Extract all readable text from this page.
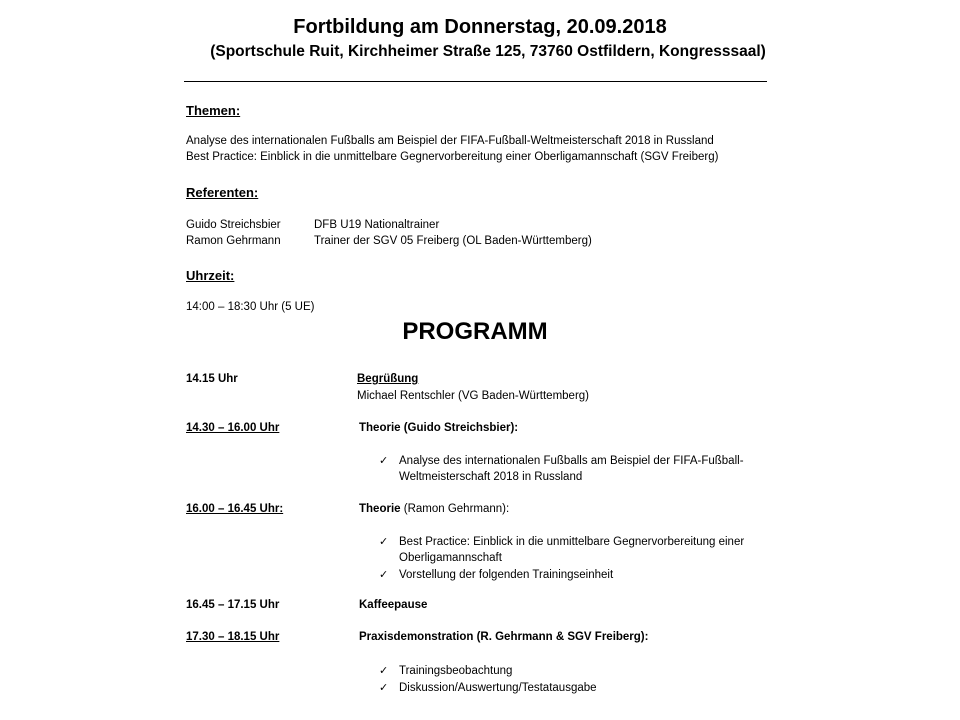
Fortbildung am Donnerstag, 20.09.2018
(Sportschule Ruit, Kirchheimer Straße 125, 73760 Ostfildern, Kongresssaal)
Themen:
Analyse des internationalen Fußballs am Beispiel der FIFA-Fußball-Weltmeisterschaft 2018 in Russland
Best Practice: Einblick in die unmittelbare Gegnervorbereitung einer Oberligamannschaft (SGV Freiberg)
Referenten:
Guido Streichsbier	DFB U19 Nationaltrainer
Ramon Gehrmann	Trainer der SGV 05 Freiberg (OL Baden-Württemberg)
Uhrzeit:
14:00 – 18:30 Uhr (5 UE)
PROGRAMM
14.15 Uhr	Begrüßung
Michael Rentschler (VG Baden-Württemberg)
14.30 – 16.00 Uhr	Theorie (Guido Streichsbier):
✓ Analyse des internationalen Fußballs am Beispiel der FIFA-Fußball-
Weltmeisterschaft 2018 in Russland
16.00 – 16.45 Uhr:	Theorie (Ramon Gehrmann):
✓ Best Practice: Einblick in die unmittelbare Gegnervorbereitung einer
Oberligamannschaft
✓ Vorstellung der folgenden Trainingseinheit
16.45 – 17.15 Uhr	Kaffeepause
17.30 – 18.15 Uhr	Praxisdemonstration (R. Gehrmann & SGV Freiberg):
✓ Trainingsbeobachtung
✓ Diskussion/Auswertung/Testatausgabe
